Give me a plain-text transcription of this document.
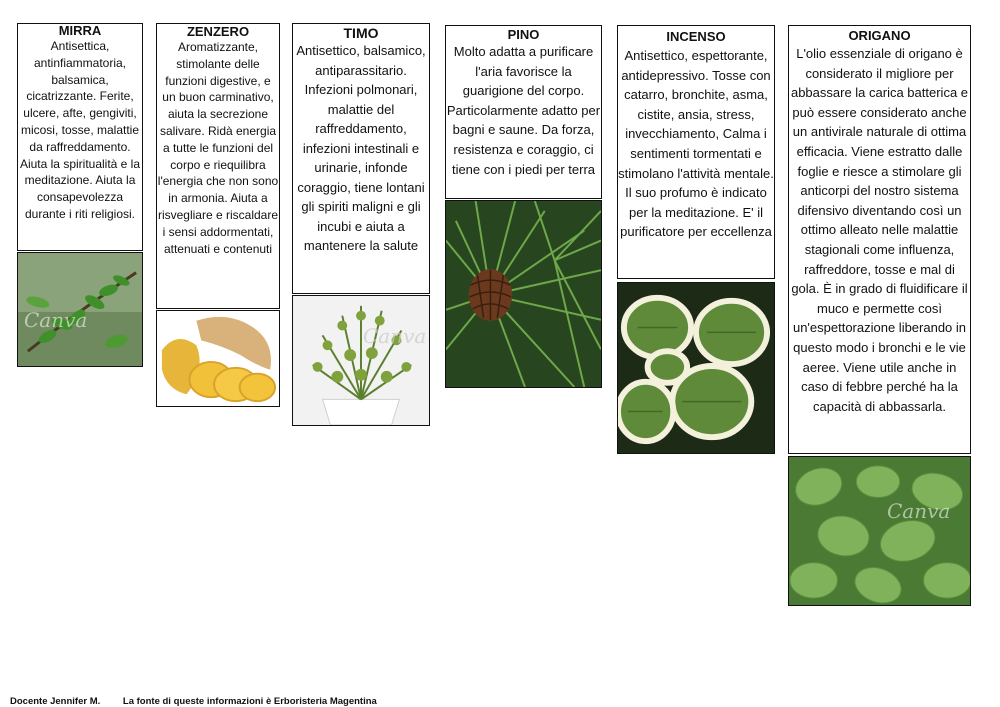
MIRRA

Antisettica, antinfiammatoria, balsamica, cicatrizzante. Ferite, ulcere, afte, gengiviti, micosi, tosse, malattie da raffreddamento. Aiuta la spiritualità e la meditazione. Aiuta la consapevolezza durante i riti religiosi.

Canva
ZENZERO

Aromatizzante, stimolante delle funzioni digestive, e un buon carminativo, aiuta la secrezione salivare. Ridà energia a tutte le funzioni del corpo e riequilibra l'energia che non sono in armonia. Aiuta a risvegliare e riscaldare i sensi addormentati, attenuati e contenuti

TIMO

Antisettico, balsamico, antiparassitario. Infezioni polmonari, malattie del raffreddamento, infezioni intestinali e urinarie, infonde coraggio, tiene lontani gli spiriti maligni e gli incubi e aiuta a mantenere la salute

Canva
PINO

Molto adatta a purificare l'aria favorisce la guarigione del corpo. Particolarmente adatto per bagni e saune. Da forza, resistenza e coraggio, ci tiene con i piedi per terra

INCENSO

Antisettico, espettorante, antidepressivo. Tosse con catarro, bronchite, asma, cistite, ansia, stress, invecchiamento, Calma i sentimenti tormentati e stimolano l'attività mentale. Il suo profumo è indicato per la meditazione. E' il purificatore per eccellenza

ORIGANO

L'olio essenziale di origano è considerato il migliore per abbassare la carica batterica e può essere considerato anche un antivirale naturale di ottima efficacia. Viene estratto dalle foglie e riesce a stimolare gli anticorpi del nostro sistema difensivo diventando così un ottimo alleato nelle malattie stagionali come influenza, raffreddore, tosse e mal di gola. È in grado di fluidificare il muco e permette così un'espettorazione liberando in questo modo i bronchi e le vie aeree. Viene utile anche in caso di febbre perché ha la capacità di abbassarla.

Canva
Docente Jennifer M. La fonte di queste informazioni è Erboristeria Magentina
